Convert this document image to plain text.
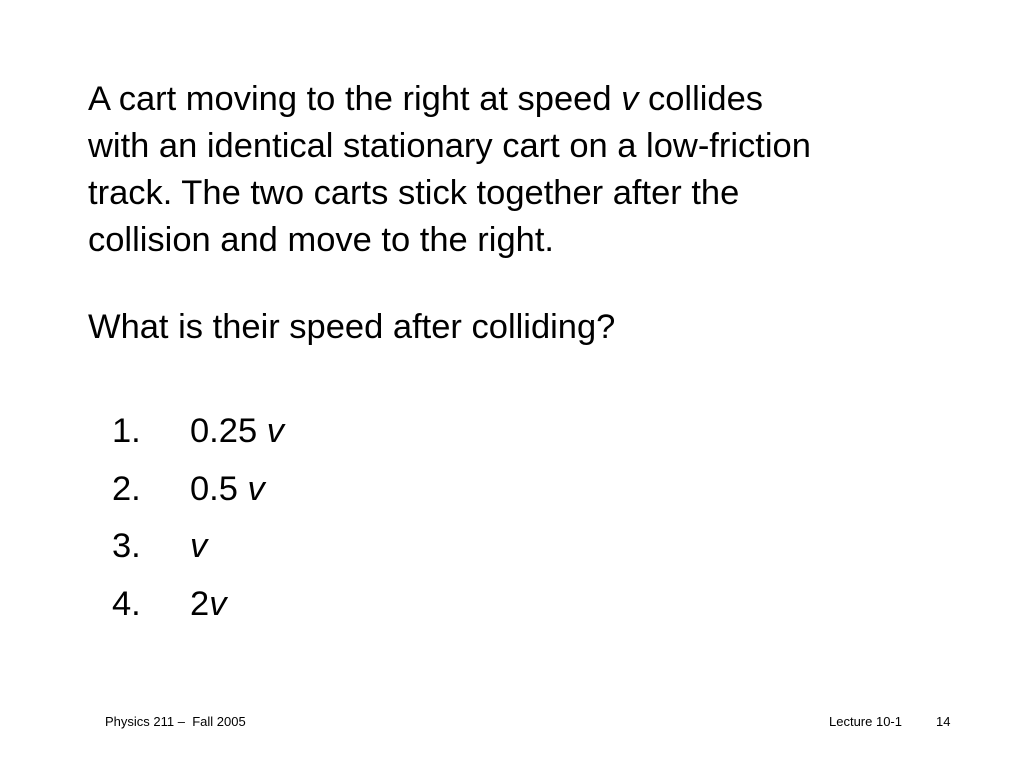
A cart moving to the right at speed v collides
with an identical stationary cart on a low-friction
track. The two carts stick together after the
collision and move to the right.

What is their speed after colliding?

1.	0.25 v
2.	0.5 v
3.	v
4.	2v
Physics 211 –  Fall 2005	Lecture 10-1	14
